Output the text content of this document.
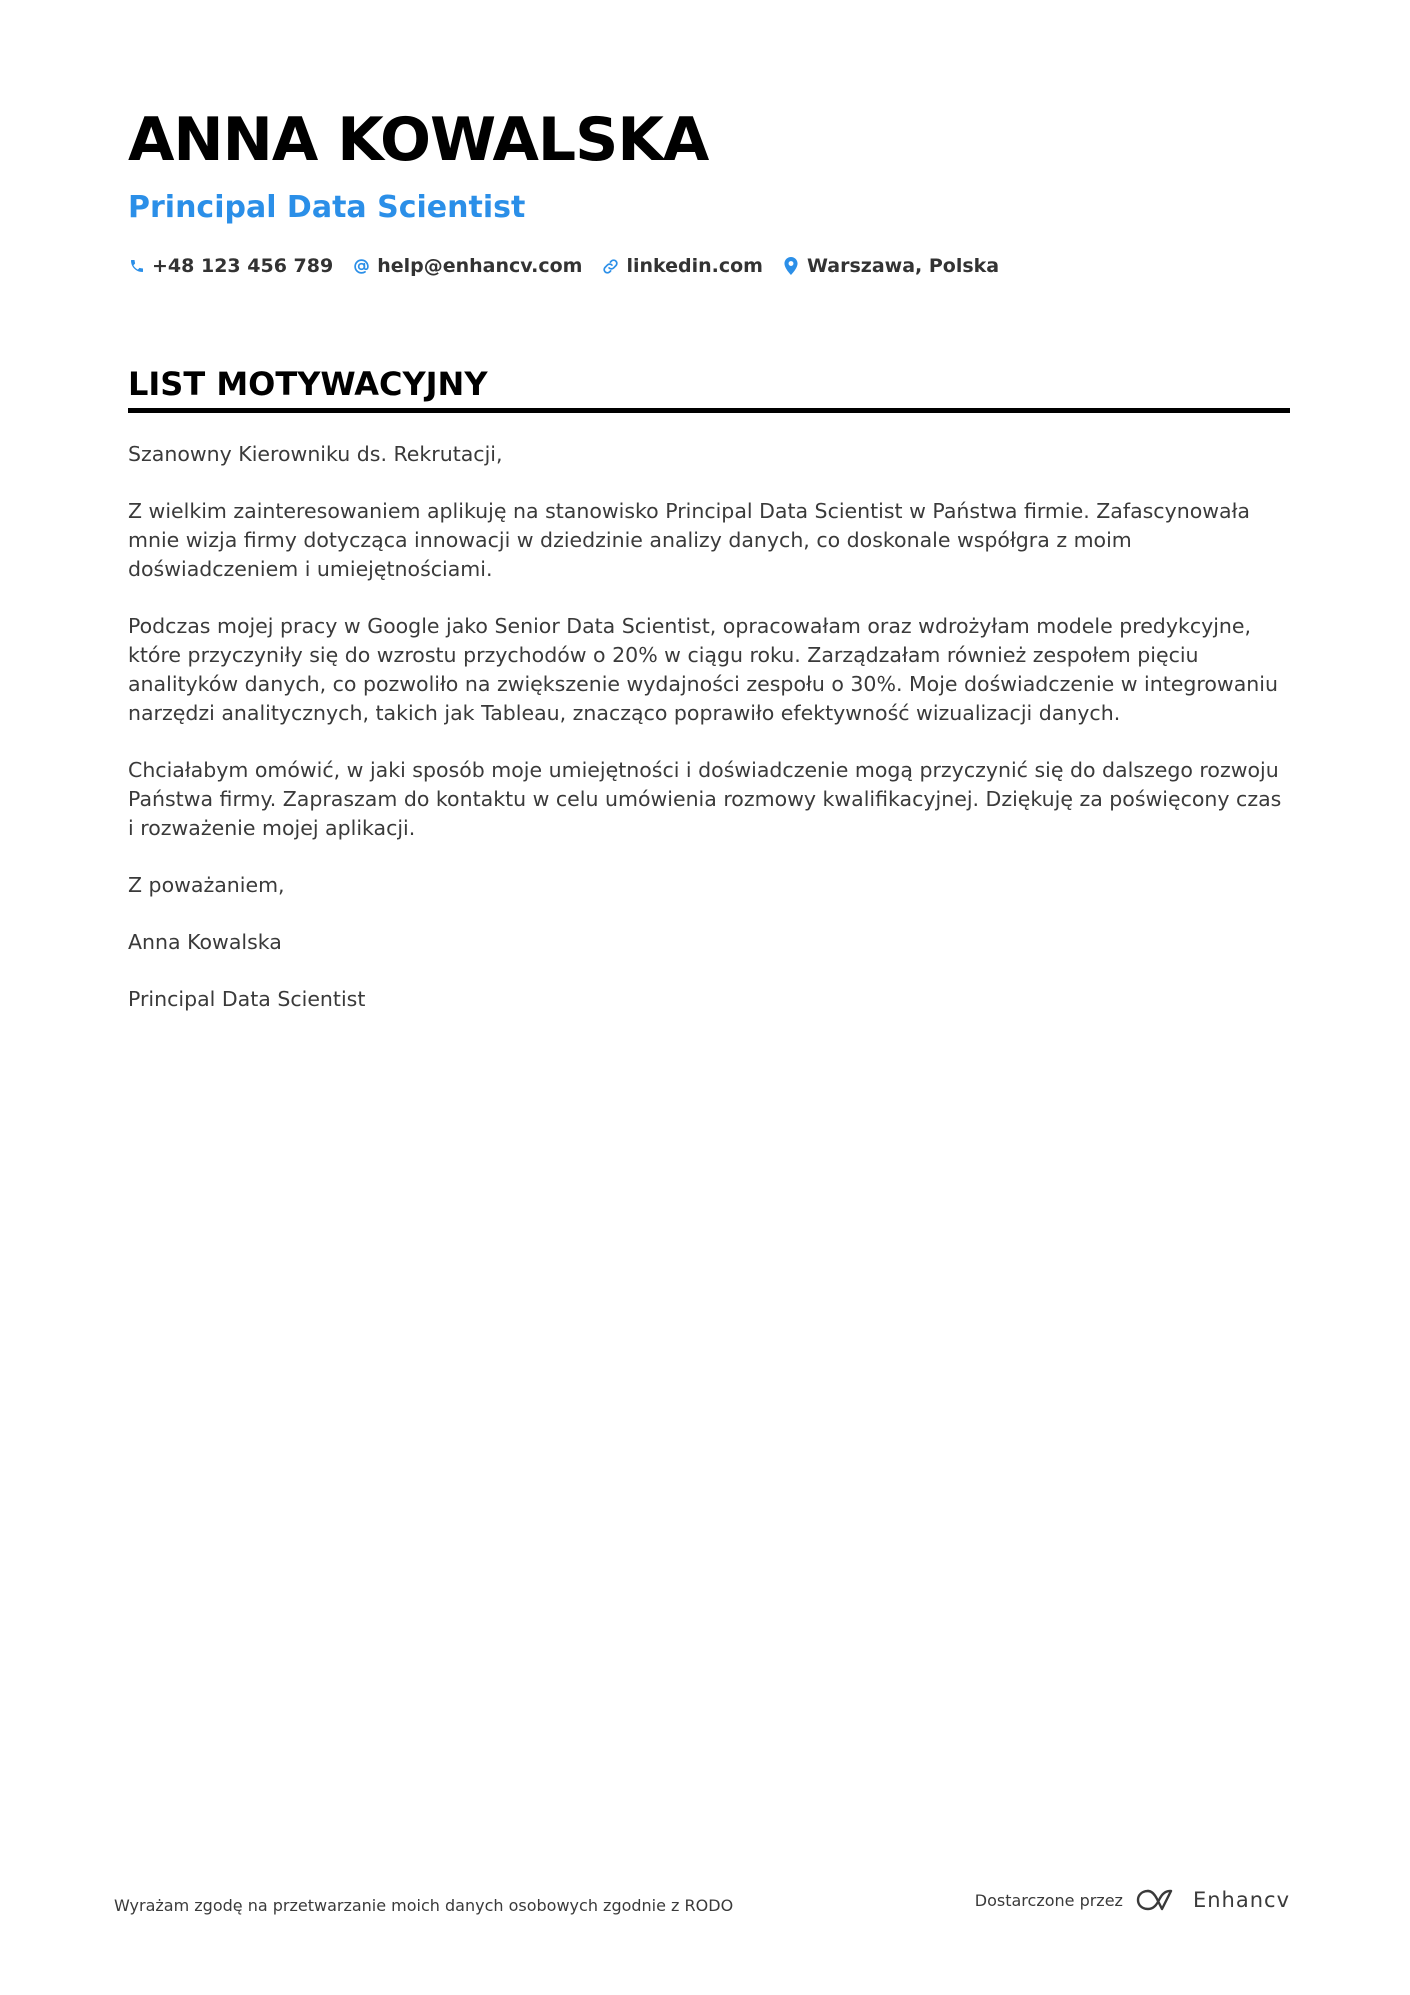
ANNA KOWALSKA
Principal Data Scientist
+48 123 456 789 help@enhancv.com linkedin.com Warszawa, Polska
LIST MOTYWACYJNY

Szanowny Kierowniku ds. Rekrutacji,

Z wielkim zainteresowaniem aplikuję na stanowisko Principal Data Scientist w Państwa firmie. Zafascynowała mnie wizja firmy dotycząca innowacji w dziedzinie analizy danych, co doskonale współgra z moim doświadczeniem i umiejętnościami.

Podczas mojej pracy w Google jako Senior Data Scientist, opracowałam oraz wdrożyłam modele predykcyjne, które przyczyniły się do wzrostu przychodów o 20% w ciągu roku. Zarządzałam również zespołem pięciu analityków danych, co pozwoliło na zwiększenie wydajności zespołu o 30%. Moje doświadczenie w integrowaniu narzędzi analitycznych, takich jak Tableau, znacząco poprawiło efektywność wizualizacji danych.

Chciałabym omówić, w jaki sposób moje umiejętności i doświadczenie mogą przyczynić się do dalszego rozwoju Państwa firmy. Zapraszam do kontaktu w celu umówienia rozmowy kwalifikacyjnej. Dziękuję za poświęcony czas i rozważenie mojej aplikacji.

Z poważaniem,

Anna Kowalska

Principal Data Scientist

Wyrażam zgodę na przetwarzanie moich danych osobowych zgodnie z RODO	Dostarczone przez	Enhancv
